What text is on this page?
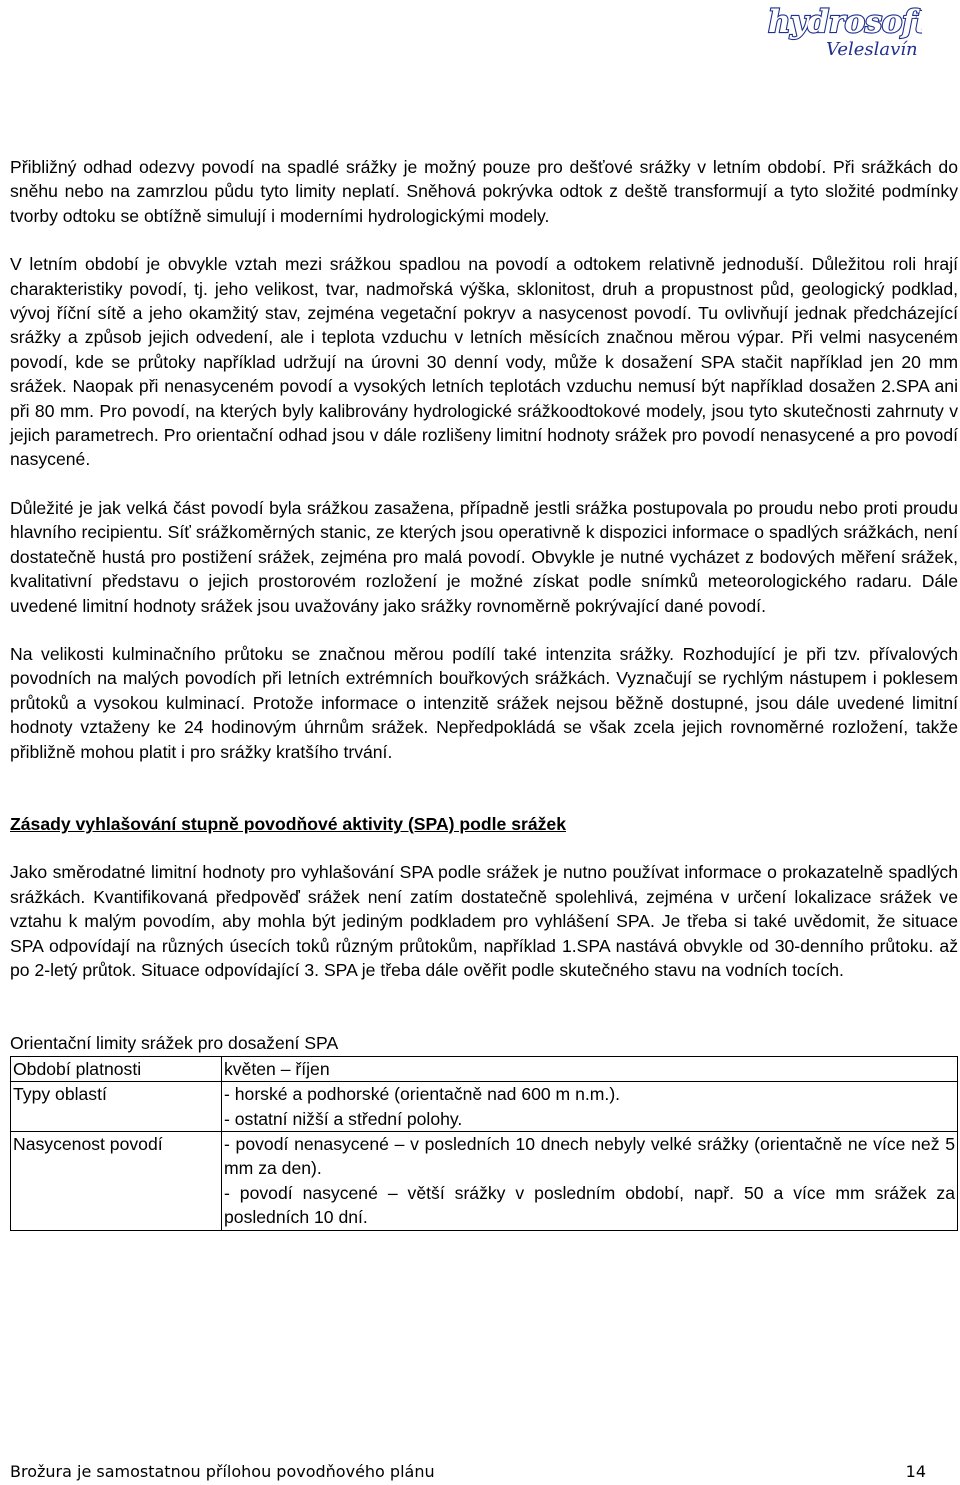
hydrosoft
Veleslavín

Přibližný odhad odezvy povodí na spadlé srážky je možný pouze pro dešťové srážky v letním období. Při srážkách do sněhu nebo na zamrzlou půdu tyto limity neplatí. Sněhová pokrývka odtok z deště transformují a tyto složité podmínky tvorby odtoku se obtížně simulují i moderními hydrologickými modely.

V letním období je obvykle vztah mezi srážkou spadlou na povodí a odtokem relativně jednoduší. Důležitou roli hrají charakteristiky povodí, tj. jeho velikost, tvar, nadmořská výška, sklonitost, druh a propustnost půd, geologický podklad, vývoj říční sítě a jeho okamžitý stav, zejména vegetační pokryv a nasycenost povodí. Tu ovlivňují jednak předcházející srážky a způsob jejich odvedení, ale i teplota vzduchu v letních měsících značnou měrou výpar. Při velmi nasyceném povodí, kde se průtoky například udržují na úrovni 30 denní vody, může k dosažení SPA stačit například jen 20 mm srážek. Naopak při nenasyceném povodí a vysokých letních teplotách vzduchu nemusí být například dosažen 2.SPA ani při 80 mm. Pro povodí, na kterých byly kalibrovány hydrologické srážkoodtokové modely, jsou tyto skutečnosti zahrnuty v jejich parametrech. Pro orientační odhad jsou v dále rozlišeny limitní hodnoty srážek pro povodí nenasycené a pro povodí nasycené.

Důležité je jak velká část povodí byla srážkou zasažena, případně jestli srážka postupovala po proudu nebo proti proudu hlavního recipientu. Síť srážkoměrných stanic, ze kterých jsou operativně k dispozici informace o spadlých srážkách, není dostatečně hustá pro postižení srážek, zejména pro malá povodí. Obvykle je nutné vycházet z bodových měření srážek, kvalitativní představu o jejich prostorovém rozložení je možné získat podle snímků meteorologického radaru. Dále uvedené limitní hodnoty srážek jsou uvažovány jako srážky rovnoměrně pokrývající dané povodí.

Na velikosti kulminačního průtoku se značnou měrou podílí také intenzita srážky. Rozhodující je při tzv. přívalových povodních na malých povodích při letních extrémních bouřkových srážkách. Vyznačují se rychlým nástupem i poklesem průtoků a vysokou kulminací. Protože informace o intenzitě srážek nejsou běžně dostupné, jsou dále uvedené limitní hodnoty vztaženy ke 24 hodinovým úhrnům srážek. Nepředpokládá se však zcela jejich rovnoměrné rozložení, takže přibližně mohou platit i pro srážky kratšího trvání.

Zásady vyhlašování stupně povodňové aktivity (SPA) podle srážek

Jako směrodatné limitní hodnoty pro vyhlašování SPA podle srážek je nutno používat informace o prokazatelně spadlých srážkách. Kvantifikovaná předpověď srážek není zatím dostatečně spolehlivá, zejména v určení lokalizace srážek ve vztahu k malým povodím, aby mohla být jediným podkladem pro vyhlášení SPA. Je třeba si také uvědomit, že situace SPA odpovídají na různých úsecích toků různým průtokům, například 1.SPA nastává obvykle od 30-denního průtoku. až po 2-letý průtok. Situace odpovídající 3. SPA je třeba dále ověřit podle skutečného stavu na vodních tocích.

Orientační limity srážek pro dosažení SPA

Období platnosti	květen – říjen

Typy oblastí	- horské a podhorské (orientačně nad 600 m n.m.).
- ostatní nižší a střední polohy.

Nasycenost povodí	- povodí nenasycené – v posledních 10 dnech nebyly velké srážky (orientačně ne více než 5 mm za den).
- povodí nasycené – větší srážky v posledním období, např. 50 a více mm srážek za posledních 10 dní.
Brožura je samostatnou přílohou povodňového plánu	14
